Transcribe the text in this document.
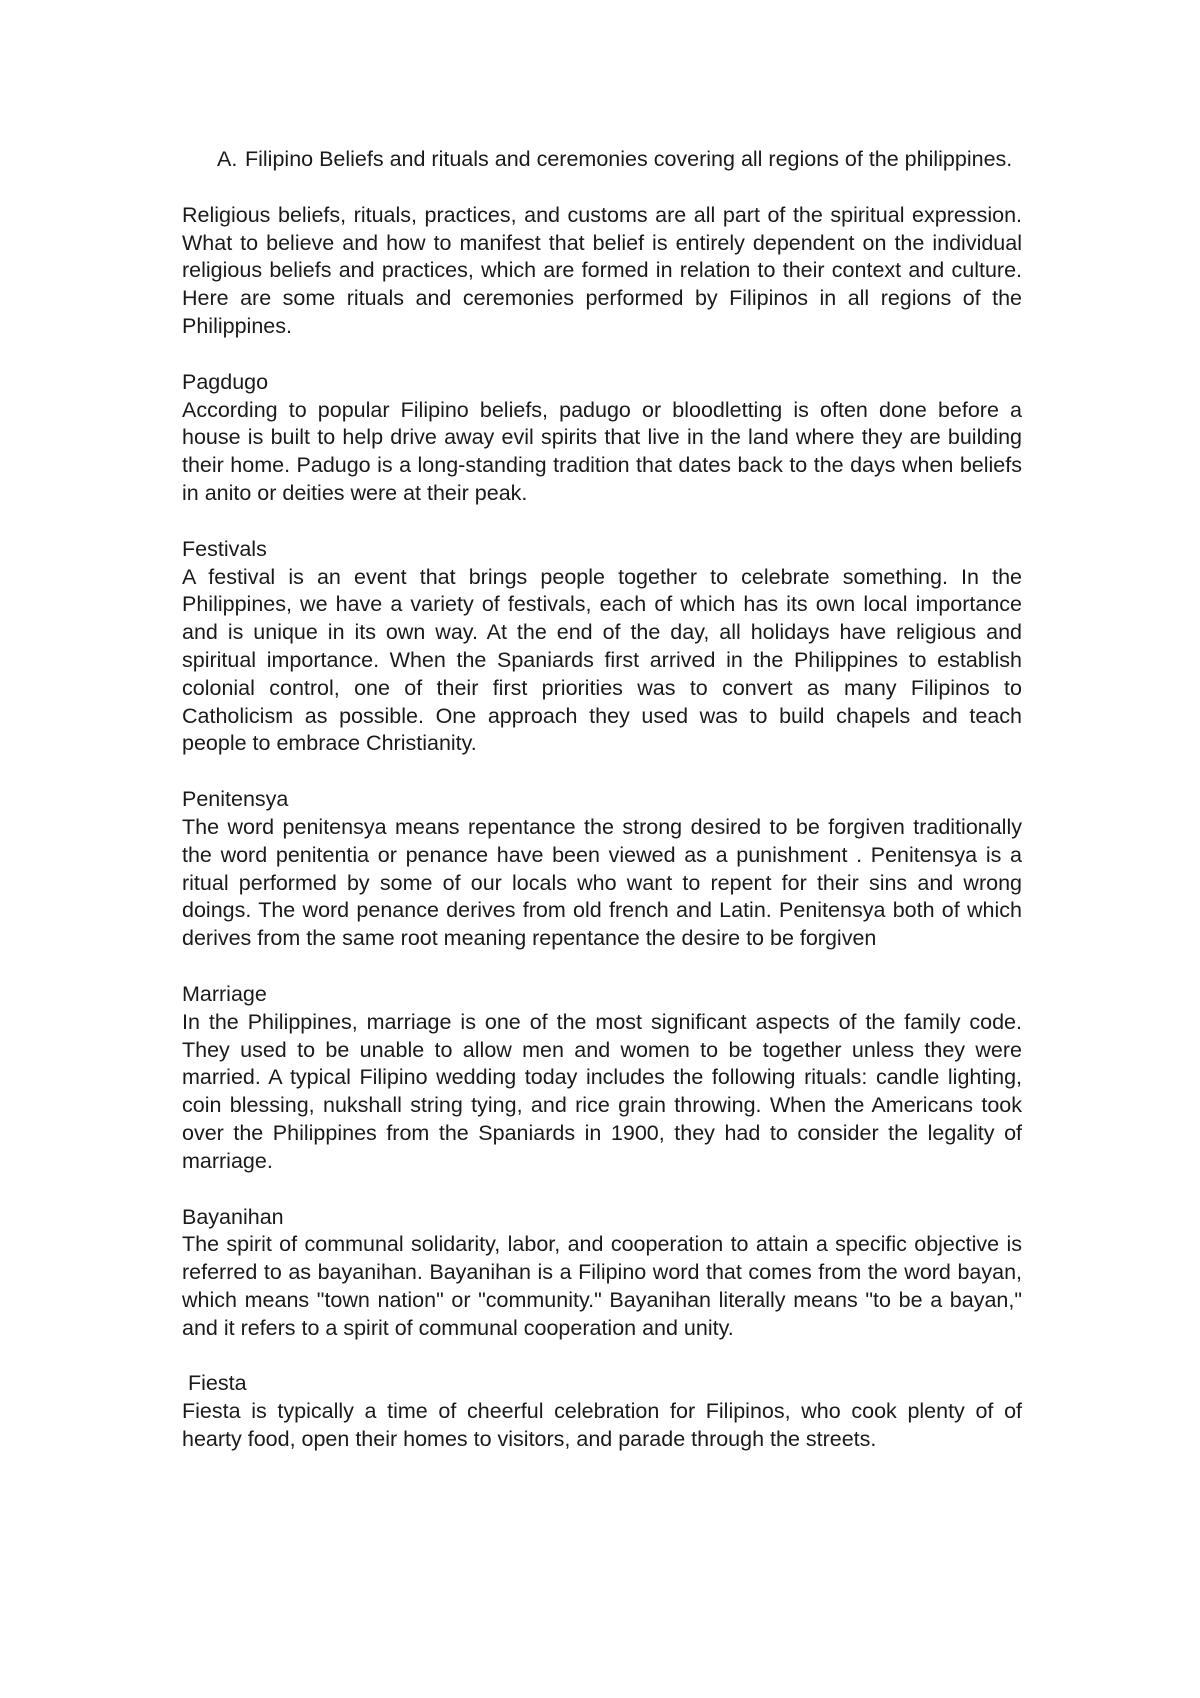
A. Filipino Beliefs and rituals and ceremonies covering all regions of the philippines.

Religious beliefs, rituals, practices, and customs are all part of the spiritual expression. What to believe and how to manifest that belief is entirely dependent on the individual religious beliefs and practices, which are formed in relation to their context and culture. Here are some rituals and ceremonies performed by Filipinos in all regions of the Philippines.

Pagdugo

According to popular Filipino beliefs, padugo or bloodletting is often done before a house is built to help drive away evil spirits that live in the land where they are building their home. Padugo is a long-standing tradition that dates back to the days when beliefs in anito or deities were at their peak.

Festivals

A festival is an event that brings people together to celebrate something. In the Philippines, we have a variety of festivals, each of which has its own local importance and is unique in its own way. At the end of the day, all holidays have religious and spiritual importance. When the Spaniards first arrived in the Philippines to establish colonial control, one of their first priorities was to convert as many Filipinos to Catholicism as possible. One approach they used was to build chapels and teach people to embrace Christianity.

Penitensya

The word penitensya means repentance the strong desired to be forgiven traditionally the word penitentia or penance have been viewed as a punishment . Penitensya is a ritual performed by some of our locals who want to repent for their sins and wrong doings. The word penance derives from old french and Latin. Penitensya both of which derives from the same root meaning repentance the desire to be forgiven

Marriage

In the Philippines, marriage is one of the most significant aspects of the family code. They used to be unable to allow men and women to be together unless they were married. A typical Filipino wedding today includes the following rituals: candle lighting, coin blessing, nukshall string tying, and rice grain throwing. When the Americans took over the Philippines from the Spaniards in 1900, they had to consider the legality of marriage.

Bayanihan

The spirit of communal solidarity, labor, and cooperation to attain a specific objective is referred to as bayanihan. Bayanihan is a Filipino word that comes from the word bayan, which means "town nation" or "community." Bayanihan literally means "to be a bayan," and it refers to a spirit of communal cooperation and unity.

Fiesta

Fiesta is typically a time of cheerful celebration for Filipinos, who cook plenty of of hearty food, open their homes to visitors, and parade through the streets.
